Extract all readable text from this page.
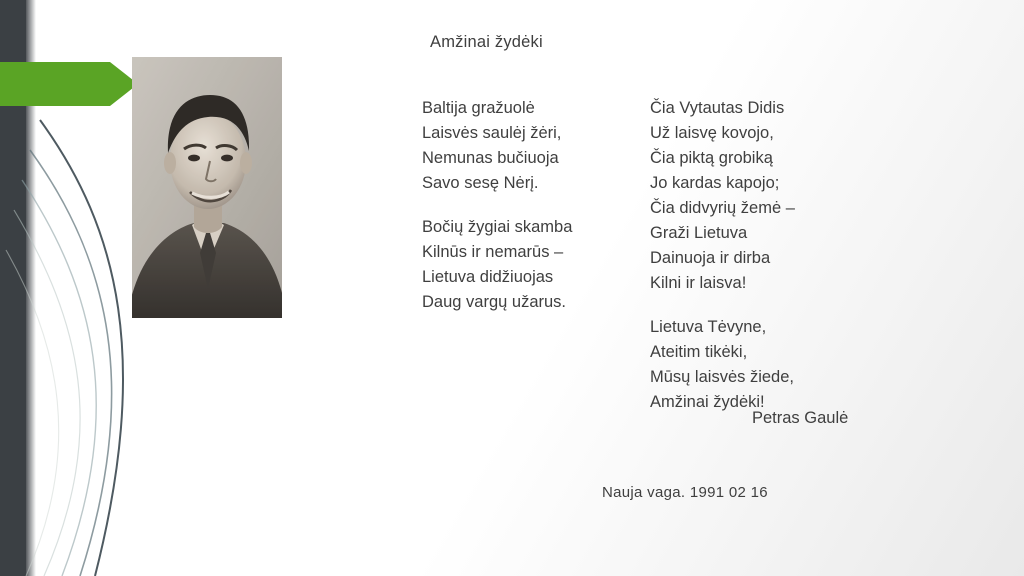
Amžinai žydėki
Baltija gražuolė
Laisvės saulėj žėri,
Nemunas bučiuoja
Savo sesę Nėrį.
Bočių žygiai skamba
Kilnūs ir nemarūs –
Lietuva didžiuojas
Daug vargų užarus.
Čia Vytautas Didis
Už laisvę kovojo,
Čia piktą grobiką
Jo kardas kapojo;
Čia didvyrių žemė –
Graži Lietuva
Dainuoja ir dirba
Kilni ir laisva!
Lietuva Tėvyne,
Ateitim tikėki,
Mūsų laisvės žiede,
Amžinai žydėki!
Petras Gaulė
Nauja vaga. 1991 02 16
